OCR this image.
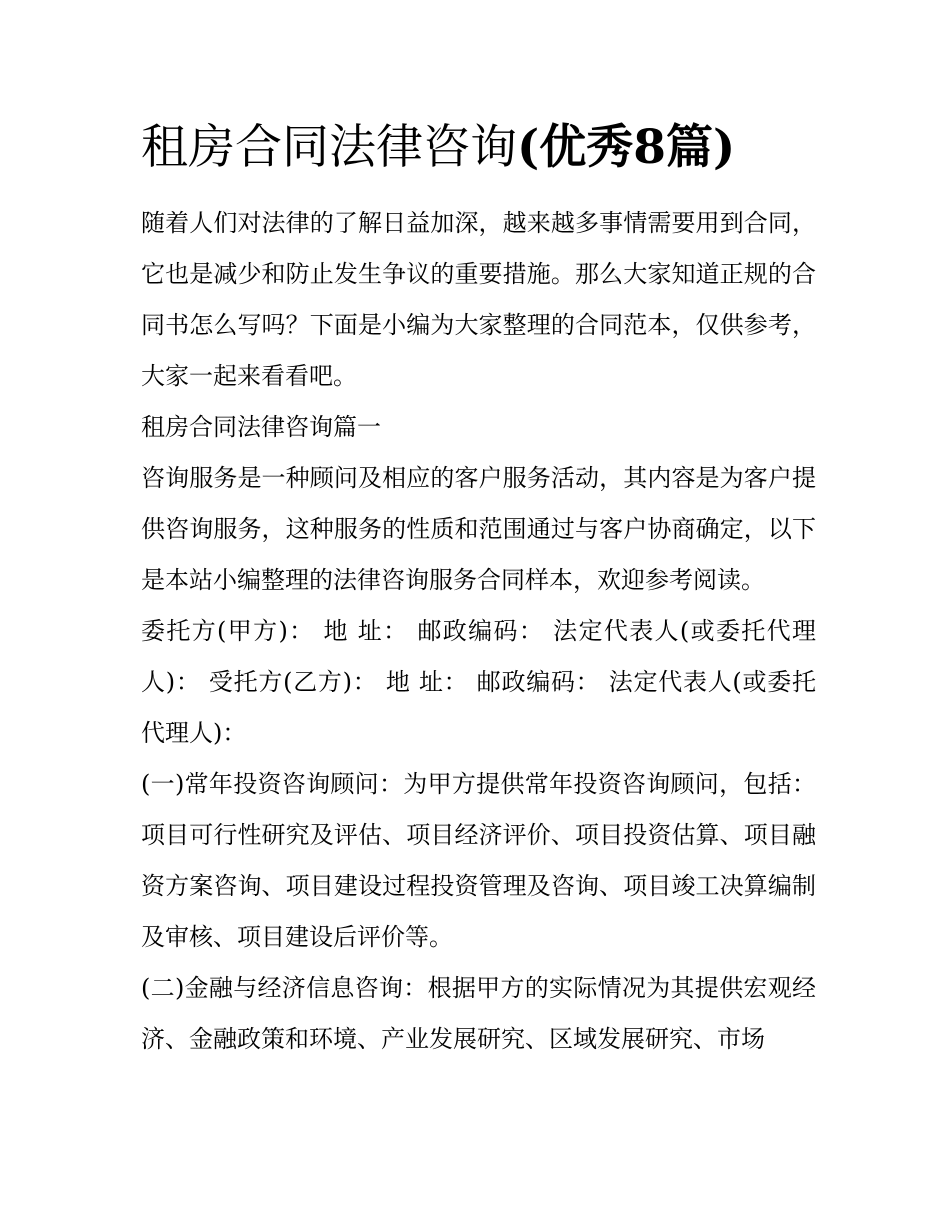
租房合同法律咨询(优秀8篇)

随着人们对法律的了解日益加深，越来越多事情需要用到合同，它也是减少和防止发生争议的重要措施。那么大家知道正规的合同书怎么写吗？下面是小编为大家整理的合同范本，仅供参考，大家一起来看看吧。

租房合同法律咨询篇一

咨询服务是一种顾问及相应的客户服务活动，其内容是为客户提供咨询服务，这种服务的性质和范围通过与客户协商确定，以下是本站小编整理的法律咨询服务合同样本，欢迎参考阅读。

委托方(甲方)： 地 址： 邮政编码： 法定代表人(或委托代理人)： 受托方(乙方)： 地 址： 邮政编码： 法定代表人(或委托代理人)：

(一)常年投资咨询顾问：为甲方提供常年投资咨询顾问，包括：项目可行性研究及评估、项目经济评价、项目投资估算、项目融资方案咨询、项目建设过程投资管理及咨询、项目竣工决算编制及审核、项目建设后评价等。

(二)金融与经济信息咨询：根据甲方的实际情况为其提供宏观经济、金融政策和环境、产业发展研究、区域发展研究、市场
